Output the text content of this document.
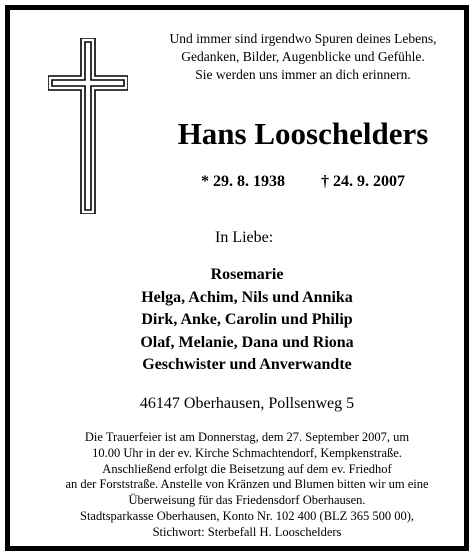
Und immer sind irgendwo Spuren deines Lebens,
Gedanken, Bilder, Augenblicke und Gefühle.
Sie werden uns immer an dich erinnern.
Hans Looschelders
* 29. 8. 1938 † 24. 9. 2007
In Liebe:
Rosemarie
Helga, Achim, Nils und Annika
Dirk, Anke, Carolin und Philip
Olaf, Melanie, Dana und Riona
Geschwister und Anverwandte
46147 Oberhausen, Pollsenweg 5
Die Trauerfeier ist am Donnerstag, dem 27. September 2007, um
10.00 Uhr in der ev. Kirche Schmachtendorf, Kempkenstraße.
Anschließend erfolgt die Beisetzung auf dem ev. Friedhof
an der Forststraße. Anstelle von Kränzen und Blumen bitten wir um eine
Überweisung für das Friedensdorf Oberhausen.
Stadtsparkasse Oberhausen, Konto Nr. 102 400 (BLZ 365 500 00),
Stichwort: Sterbefall H. Looschelders
